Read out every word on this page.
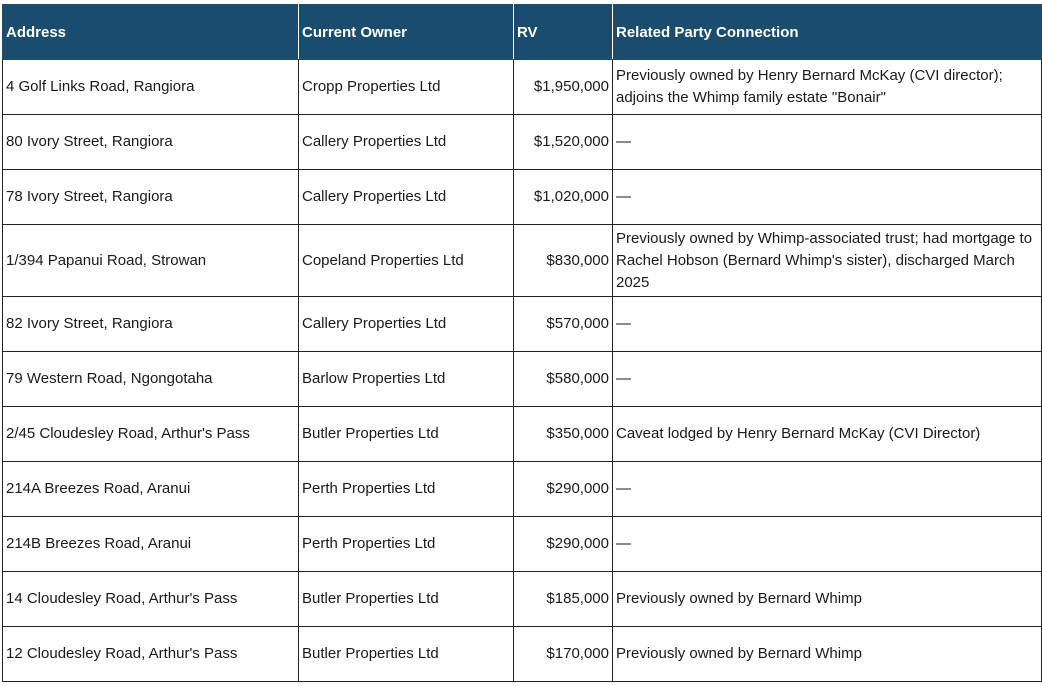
Address	Current Owner	RV	Related Party Connection
4 Golf Links Road, Rangiora	Cropp Properties Ltd	$1,950,000	Previously owned by Henry Bernard McKay (CVI director); adjoins the Whimp family estate "Bonair"
80 Ivory Street, Rangiora	Callery Properties Ltd	$1,520,000	—
78 Ivory Street, Rangiora	Callery Properties Ltd	$1,020,000	—
1/394 Papanui Road, Strowan	Copeland Properties Ltd	$830,000	Previously owned by Whimp-associated trust; had mortgage to Rachel Hobson (Bernard Whimp's sister), discharged March 2025
82 Ivory Street, Rangiora	Callery Properties Ltd	$570,000	—
79 Western Road, Ngongotaha	Barlow Properties Ltd	$580,000	—
2/45 Cloudesley Road, Arthur's Pass	Butler Properties Ltd	$350,000	Caveat lodged by Henry Bernard McKay (CVI Director)
214A Breezes Road, Aranui	Perth Properties Ltd	$290,000	—
214B Breezes Road, Aranui	Perth Properties Ltd	$290,000	—
14 Cloudesley Road, Arthur's Pass	Butler Properties Ltd	$185,000	Previously owned by Bernard Whimp
12 Cloudesley Road, Arthur's Pass	Butler Properties Ltd	$170,000	Previously owned by Bernard Whimp
